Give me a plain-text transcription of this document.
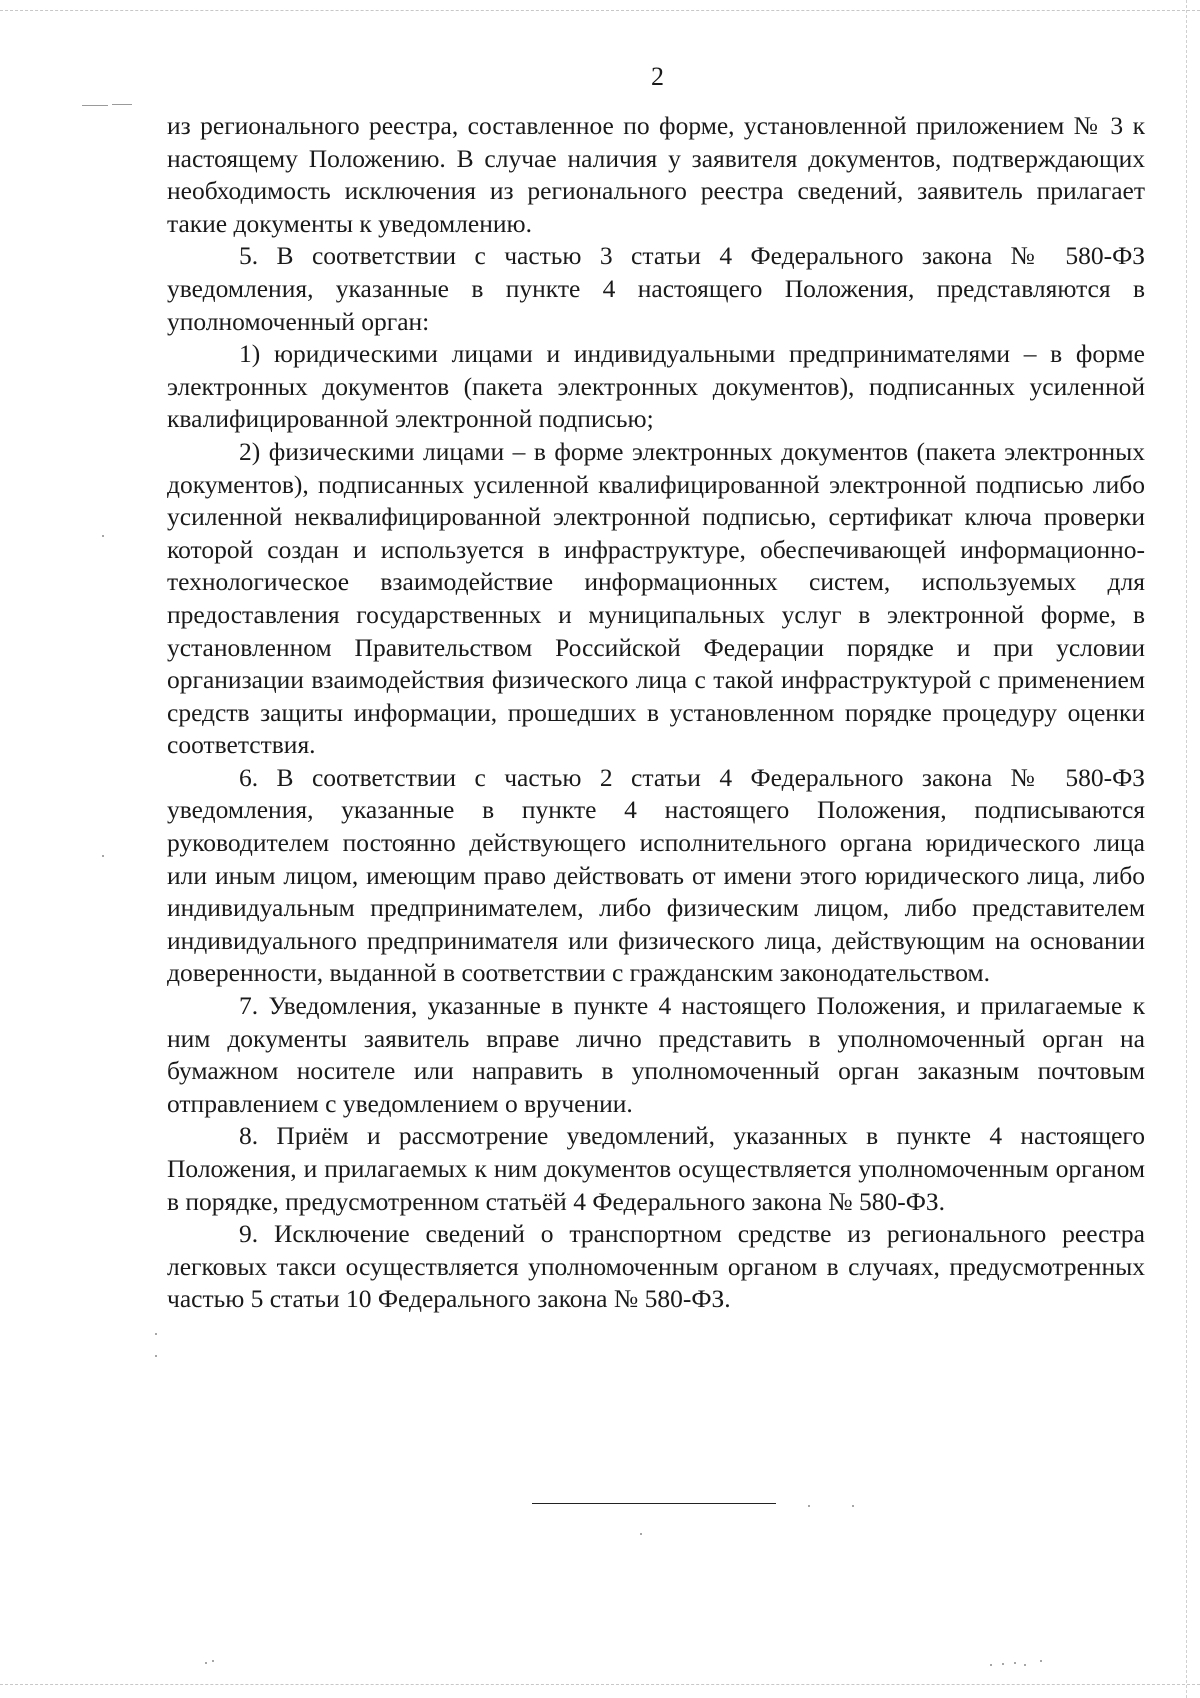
2

из регионального реестра, составленное по форме, установленной приложением № 3 к настоящему Положению. В случае наличия у заявителя документов, подтверждающих необходимость исключения из регионального реестра сведений, заявитель прилагает такие документы к уведомлению.

5. В соответствии с частью 3 статьи 4 Федерального закона № 580-ФЗ уведомления, указанные в пункте 4 настоящего Положения, представляются в уполномоченный орган:

1) юридическими лицами и индивидуальными предпринимателями – в форме электронных документов (пакета электронных документов), подписанных усиленной квалифицированной электронной подписью;

2) физическими лицами – в форме электронных документов (пакета электронных документов), подписанных усиленной квалифицированной электронной подписью либо усиленной неквалифицированной электронной подписью, сертификат ключа проверки которой создан и используется в инфраструктуре, обеспечивающей информационно-технологическое взаимодействие информационных систем, используемых для предоставления государственных и муниципальных услуг в электронной форме, в установленном Правительством Российской Федерации порядке и при условии организации взаимодействия физического лица с такой инфраструктурой с применением средств защиты информации, прошедших в установленном порядке процедуру оценки соответствия.

6. В соответствии с частью 2 статьи 4 Федерального закона № 580-ФЗ уведомления, указанные в пункте 4 настоящего Положения, подписываются руководителем постоянно действующего исполнительного органа юридического лица или иным лицом, имеющим право действовать от имени этого юридического лица, либо индивидуальным предпринимателем, либо физическим лицом, либо представителем индивидуального предпринимателя или физического лица, действующим на основании доверенности, выданной в соответствии с гражданским законодательством.

7. Уведомления, указанные в пункте 4 настоящего Положения, и прилагаемые к ним документы заявитель вправе лично представить в уполномоченный орган на бумажном носителе или направить в уполномоченный орган заказным почтовым отправлением с уведомлением о вручении.

8. Приём и рассмотрение уведомлений, указанных в пункте 4 настоящего Положения, и прилагаемых к ним документов осуществляется уполномоченным органом в порядке, предусмотренном статьёй 4 Федерального закона № 580-ФЗ.

9. Исключение сведений о транспортном средстве из регионального реестра легковых такси осуществляется уполномоченным органом в случаях, предусмотренных частью 5 статьи 10 Федерального закона № 580-ФЗ.
